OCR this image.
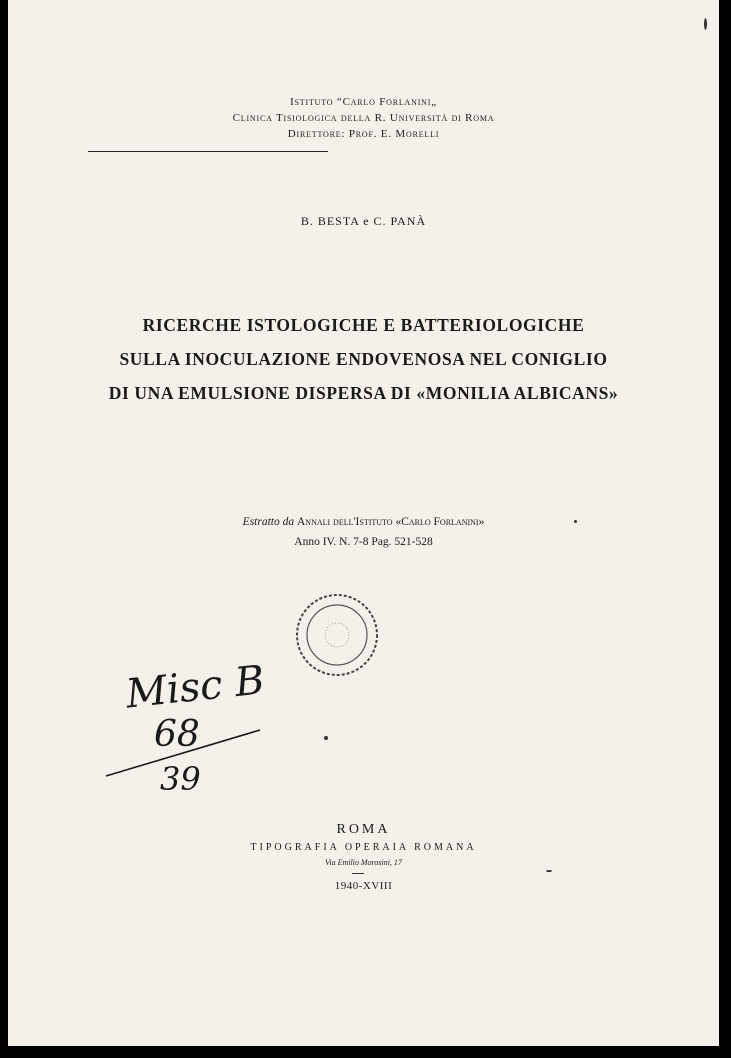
Istituto “Carlo Forlanini„
Clinica Tisiologica della R. Università di Roma
Direttore: Prof. E. Morelli
B. BESTA e C. PANÀ
RICERCHE ISTOLOGICHE E BATTERIOLOGICHE
SULLA INOCULAZIONE ENDOVENOSA NEL CONIGLIO
DI UNA EMULSIONE DISPERSA DI «MONILIA ALBICANS»
Estratto da Annali dell'Istituto «Carlo Forlanini»
Anno IV. N. 7-8 Pag. 521-528
Misc B
68
39
ROMA
TIPOGRAFIA OPERAIA ROMANA
Via Emilio Morosini, 17
1940-XVIII
